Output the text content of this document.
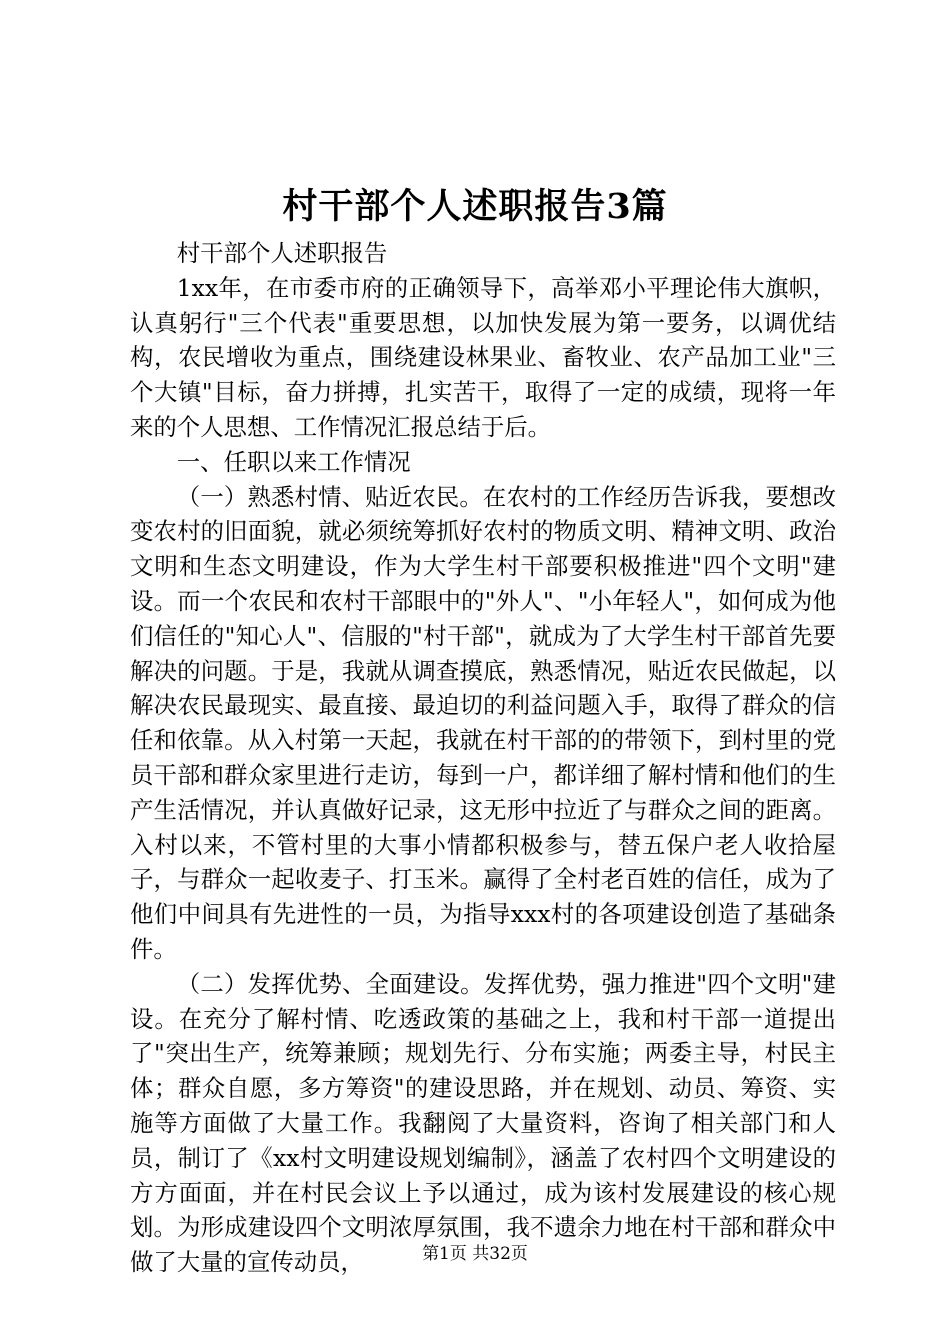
村干部个人述职报告3篇

村干部个人述职报告

1xx年，在市委市府的正确领导下，高举邓小平理论伟大旗帜，认真躬行"三个代表"重要思想，以加快发展为第一要务，以调优结构，农民增收为重点，围绕建设林果业、畜牧业、农产品加工业"三个大镇"目标，奋力拼搏，扎实苦干，取得了一定的成绩，现将一年来的个人思想、工作情况汇报总结于后。

一、任职以来工作情况

（一）熟悉村情、贴近农民。在农村的工作经历告诉我，要想改变农村的旧面貌，就必须统筹抓好农村的物质文明、精神文明、政治文明和生态文明建设，作为大学生村干部要积极推进"四个文明"建设。而一个农民和农村干部眼中的"外人"、"小年轻人"，如何成为他们信任的"知心人"、信服的"村干部"，就成为了大学生村干部首先要解决的问题。于是，我就从调查摸底，熟悉情况，贴近农民做起，以解决农民最现实、最直接、最迫切的利益问题入手，取得了群众的信任和依靠。从入村第一天起，我就在村干部的的带领下，到村里的党员干部和群众家里进行走访，每到一户，都详细了解村情和他们的生产生活情况，并认真做好记录，这无形中拉近了与群众之间的距离。入村以来，不管村里的大事小情都积极参与，替五保户老人收拾屋子，与群众一起收麦子、打玉米。赢得了全村老百姓的信任，成为了他们中间具有先进性的一员，为指导xxx村的各项建设创造了基础条件。

（二）发挥优势、全面建设。发挥优势，强力推进"四个文明"建设。在充分了解村情、吃透政策的基础之上，我和村干部一道提出了"突出生产，统筹兼顾；规划先行、分布实施；两委主导，村民主体；群众自愿，多方筹资"的建设思路，并在规划、动员、筹资、实施等方面做了大量工作。我翻阅了大量资料，咨询了相关部门和人员，制订了《xx村文明建设规划编制》，涵盖了农村四个文明建设的方方面面，并在村民会议上予以通过，成为该村发展建设的核心规划。为形成建设四个文明浓厚氛围，我不遗余力地在村干部和群众中做了大量的宣传动员，	第1页 共32页
